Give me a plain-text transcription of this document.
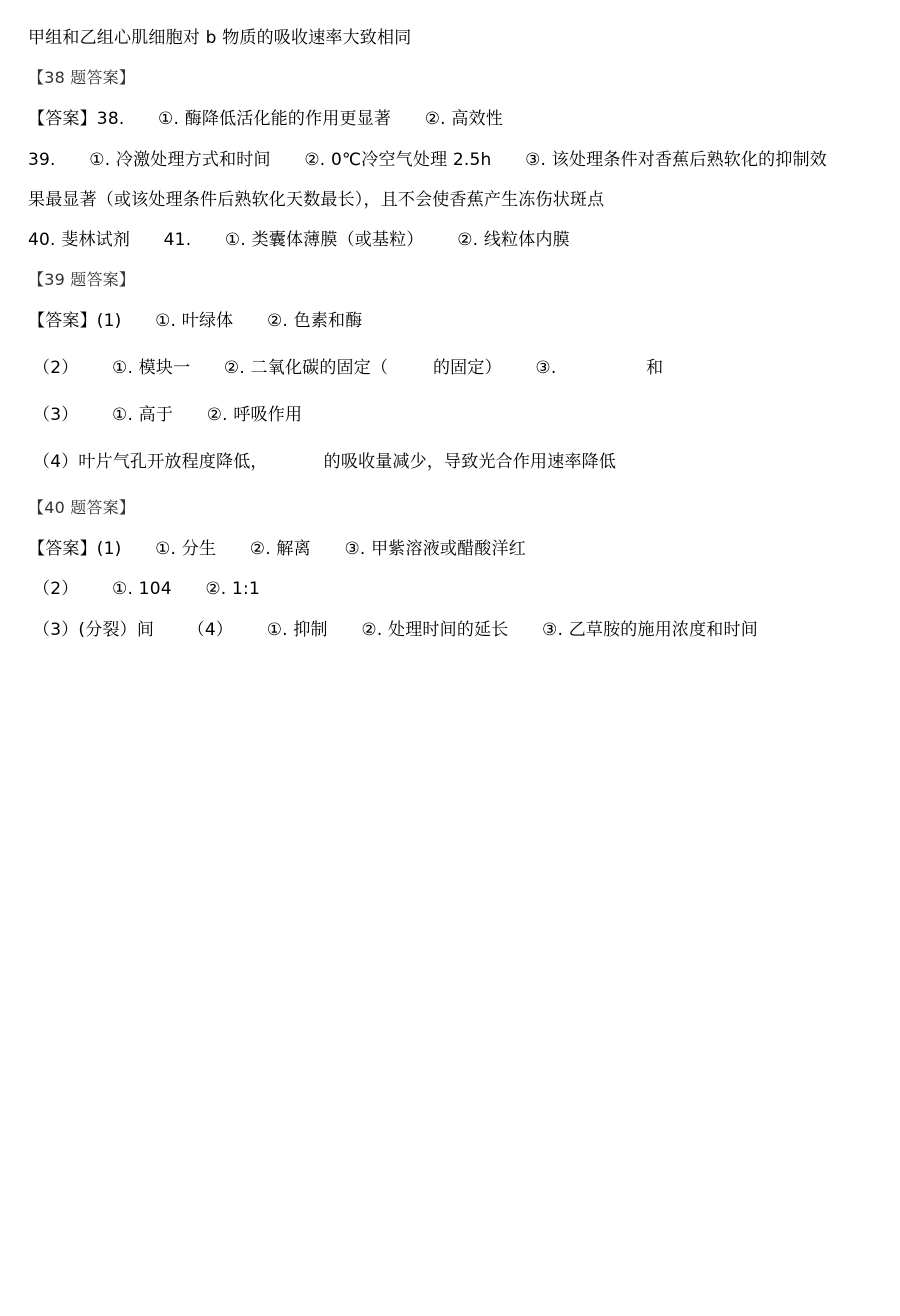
甲组和乙组心肌细胞对 b 物质的吸收速率大致相同
【38 题答案】
【答案】38.      ①. 酶降低活化能的作用更显著      ②. 高效性
39.      ①. 冷激处理方式和时间      ②. 0℃冷空气处理 2.5h      ③. 该处理条件对香蕉后熟软化的抑制效
果最显著（或该处理条件后熟软化天数最长），且不会使香蕉产生冻伤状斑点
40. 斐林试剂      41.      ①. 类囊体薄膜（或基粒）      ②. 线粒体内膜
【39 题答案】
【答案】(1)      ①. 叶绿体      ②. 色素和酶
（2）      ①. 模块一      ②. 二氧化碳的固定（        的固定）      ③.                和
（3）      ①. 高于      ②. 呼吸作用
（4）叶片气孔开放程度降低，          的吸收量减少，导致光合作用速率降低
【40 题答案】
【答案】(1)      ①. 分生      ②. 解离      ③. 甲紫溶液或醋酸洋红
（2）      ①. 104      ②. 1:1
（3）(分裂）间      （4）      ①. 抑制      ②. 处理时间的延长      ③. 乙草胺的施用浓度和时间
